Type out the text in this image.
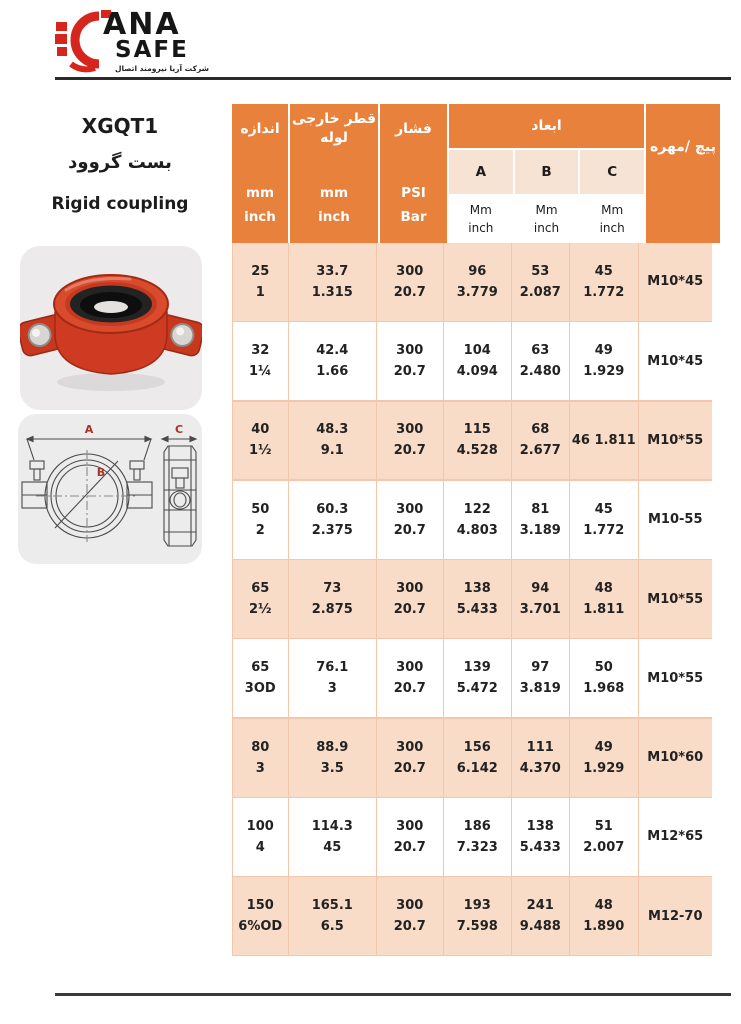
ANA
SAFE
شرکت آریا نیرومند اتصال
XGQT1
بست گروود
Rigid coupling
A
B
C
اندازه
mm
inch
قطر خارجی
لوله
mm
inch
فشار
PSI
Bar
ابعاد
A	B	C
Mm
inch
Mm
inch
Mm
inch
پیچ /مهره
25
1
33.7
1.315
300
20.7
96
3.779
53
2.087
45
1.772
M10*45
32
1¼
42.4
1.66
300
20.7
104
4.094
63
2.480
49
1.929
M10*45
40
1½
48.3
9.1
300
20.7
115
4.528
68
2.677
46 1.811 M10*55
50
2
60.3
2.375
300
20.7
122
4.803
81
3.189
45
1.772
M10-55
65
2½
73
2.875
300
20.7
138
5.433
94
3.701
48
1.811
M10*55
65
3OD
76.1
3
300
20.7
139
5.472
97
3.819
50
1.968
M10*55
80
3
88.9
3.5
300
20.7
156
6.142
111
4.370
49
1.929
M10*60
100
4
114.3
45
300
20.7
186
7.323
138
5.433
51
2.007
M12*65
150
6%OD
165.1
6.5
300
20.7
193
7.598
241
9.488
48
1.890
M12-70
